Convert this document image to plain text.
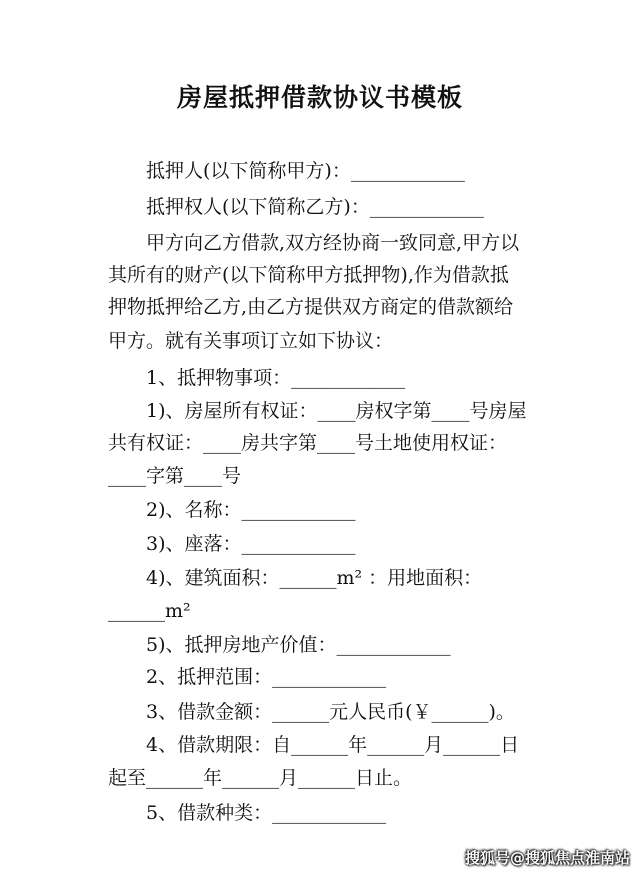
房屋抵押借款协议书模板
抵押人(以下简称甲方)：____________
抵押权人(以下简称乙方)：____________
甲方向乙方借款,双方经协商一致同意,甲方以
其所有的财产(以下简称甲方抵押物),作为借款抵
押物抵押给乙方,由乙方提供双方商定的借款额给
甲方。就有关事项订立如下协议：
1、抵押物事项：____________
1)、房屋所有权证：____房权字第____号房屋
共有权证：____房共字第____号土地使用权证：
____字第____号
2)、名称：____________
3)、座落：____________
4)、建筑面积：______m² ：用地面积：
______m²
5)、抵押房地产价值：____________
2、抵押范围：____________
3、借款金额：______元人民币(￥______)。
4、借款期限：自______年______月______日
起至______年______月______日止。
5、借款种类：____________
搜狐号@搜狐焦点淮南站
